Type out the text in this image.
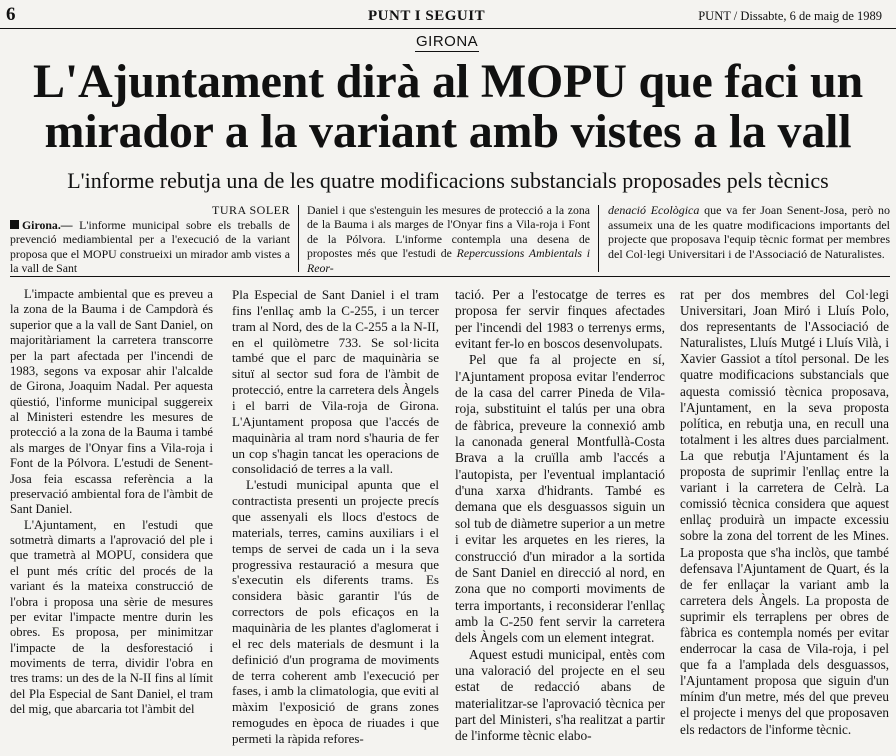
6	PUNT I SEGUIT	PUNT / Dissabte, 6 de maig de 1989
GIRONA
L'Ajuntament dirà al MOPU que faci un mirador a la variant amb vistes a la vall
L'informe rebutja una de les quatre modificacions substancials proposades pels tècnics
TURA SOLER

Girona.— L'informe municipal sobre els treballs de prevenció mediambiental per a l'execució de la variant proposa que el MOPU construeixi un mirador amb vistes a la vall de Sant

Daniel i que s'estenguin les mesures de protecció a la zona de la Bauma i als marges de l'Onyar fins a Vila-roja i Font de la Pólvora. L'informe contempla una desena de propostes més que l'estudi de Repercussions Ambientals i Reor-

denació Ecològica que va fer Joan Senent-Josa, però no assumeix una de les quatre modificacions importants del projecte que proposava l'equip tècnic format per membres del Col·legi Universitari i de l'Associació de Naturalistes.

L'impacte ambiental que es preveu a la zona de la Bauma i de Campdorà és superior que a la vall de Sant Daniel, on majoritàriament la carretera transcorre per la part afectada per l'incendi de 1983, segons va exposar ahir l'alcalde de Girona, Joaquim Nadal. Per aquesta qüestió, l'informe municipal suggereix al Ministeri estendre les mesures de protecció a la zona de la Bauma i també als marges de l'Onyar fins a Vila-roja i Font de la Pólvora. L'estudi de Senent-Josa feia escassa referència a la preservació ambiental fora de l'àmbit de Sant Daniel.

L'Ajuntament, en l'estudi que sotmetrà dimarts a l'aprovació del ple i que trametrà al MOPU, considera que el punt més crític del procés de la variant és la mateixa construcció de l'obra i proposa una sèrie de mesures per evitar l'impacte mentre durin les obres. Es proposa, per minimitzar l'impacte de la desforestació i moviments de terra, dividir l'obra en tres trams: un des de la N-II fins al límit del Pla Especial de Sant Daniel, el tram del mig, que abarcaria tot l'àmbit del

Pla Especial de Sant Daniel i el tram fins l'enllaç amb la C-255, i un tercer tram al Nord, des de la C-255 a la N-II, en el quilòmetre 733. Se sol·licita també que el parc de maquinària se situï al sector sud fora de l'àmbit de protecció, entre la carretera dels Àngels i el barri de Vila-roja de Girona. L'Ajuntament proposa que l'accés de maquinària al tram nord s'hauria de fer un cop s'hagin tancat les operacions de consolidació de terres a la vall.

L'estudi municipal apunta que el contractista presenti un projecte precís que assenyali els llocs d'estocs de materials, terres, camins auxiliars i el temps de servei de cada un i la seva progressiva restauració a mesura que s'executin els diferents trams. Es considera bàsic garantir l'ús de correctors de pols eficaços en la maquinària de les plantes d'aglomerat i el rec dels materials de desmunt i la definició d'un programa de moviments de terra coherent amb l'execució per fases, i amb la climatologia, que eviti al màxim l'exposició de grans zones remogudes en època de riuades i que permeti la ràpida refores-

tació. Per a l'estocatge de terres es proposa fer servir finques afectades per l'incendi del 1983 o terrenys erms, evitant fer-lo en boscos desenvolupats.

Pel que fa al projecte en sí, l'Ajuntament proposa evitar l'enderroc de la casa del carrer Pineda de Vila-roja, substituint el talús per una obra de fàbrica, preveure la connexió amb la canonada general Montfullà-Costa Brava a la cruïlla amb l'accés a l'autopista, per l'eventual implantació d'una xarxa d'hidrants. També es demana que els desguassos siguin un sol tub de diàmetre superior a un metre i evitar les arquetes en les rieres, la construcció d'un mirador a la sortida de Sant Daniel en direcció al nord, en zona que no comporti moviments de terra importants, i reconsiderar l'enllaç amb la C-250 fent servir la carretera dels Àngels com un element integrat.

Aquest estudi municipal, entès com una valoració del projecte en el seu estat de redacció abans de materialitzar-se l'aprovació tècnica per part del Ministeri, s'ha realitzat a partir de l'informe tècnic elabo-

rat per dos membres del Col·legi Universitari, Joan Miró i Lluís Polo, dos representants de l'Associació de Naturalistes, Lluís Mutgé i Lluís Vilà, i Xavier Gassiot a títol personal. De les quatre modificacions substancials que aquesta comissió tècnica proposava, l'Ajuntament, en la seva proposta política, en rebutja una, en recull una totalment i les altres dues parcialment. La que rebutja l'Ajuntament és la proposta de suprimir l'enllaç entre la variant i la carretera de Celrà. La comissió tècnica considera que aquest enllaç produirà un impacte excessiu sobre la zona del torrent de les Mines. La proposta que s'ha inclòs, que també defensava l'Ajuntament de Quart, és la de fer enllaçar la variant amb la carretera dels Àngels. La proposta de suprimir els terraplens per obres de fàbrica es contempla només per evitar enderrocar la casa de Vila-roja, i pel que fa a l'amplada dels desguassos, l'Ajuntament proposa que siguin d'un mínim d'un metre, més del que preveu el projecte i menys del que proposaven els redactors de l'informe tècnic.
